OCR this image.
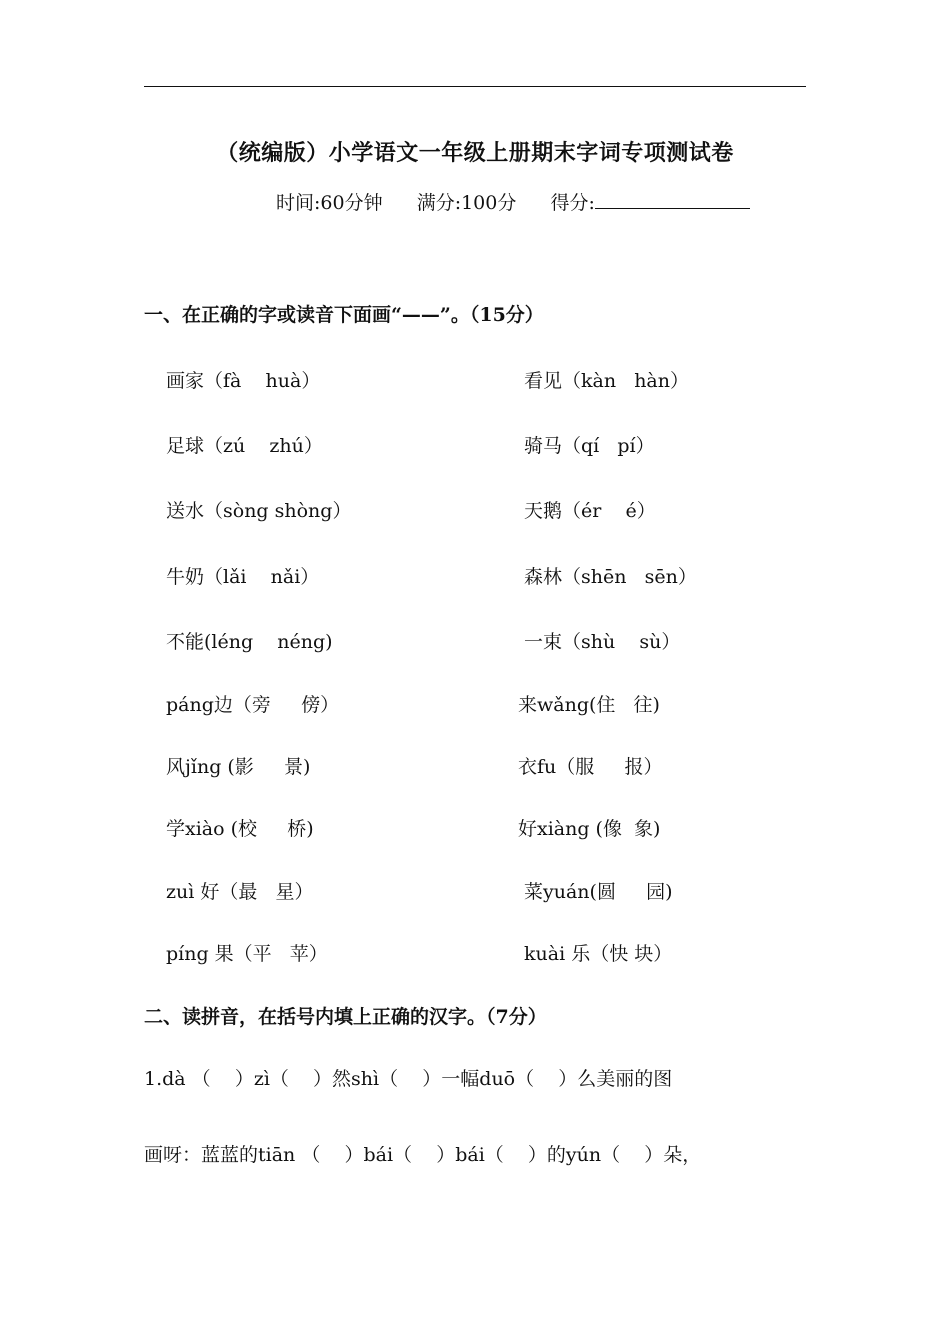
（统编版）小学语文一年级上册期末字词专项测试卷
时间:60分钟 满分:100分 得分:
一、在正确的字或读音下面画“——”。（15分）
画家（fà    huà）
足球（zú    zhú）
送水（sòng shòng）
牛奶（lǎi    nǎi）
不能(léng    néng)
páng边（旁     傍）
风jǐng (影     景)
学xiào (校     桥)
zuì 好（最   星）
píng 果（平   苹）
看见（kàn   hàn）
骑马（qí   pí）
天鹅（ér    é）
森林（shēn   sēn）
一束（shù    sù）
来wǎng(住   往)
衣fu（服     报）
好xiàng (像  象)
菜yuán(圆     园)
kuài 乐（快 块）
二、读拼音，在括号内填上正确的汉字。（7分）
1.dà （    ）zì（    ）然shì（    ）一幅duō（    ）么美丽的图
画呀：蓝蓝的tiān （    ）bái（    ）bái（    ）的yún（    ）朵，
